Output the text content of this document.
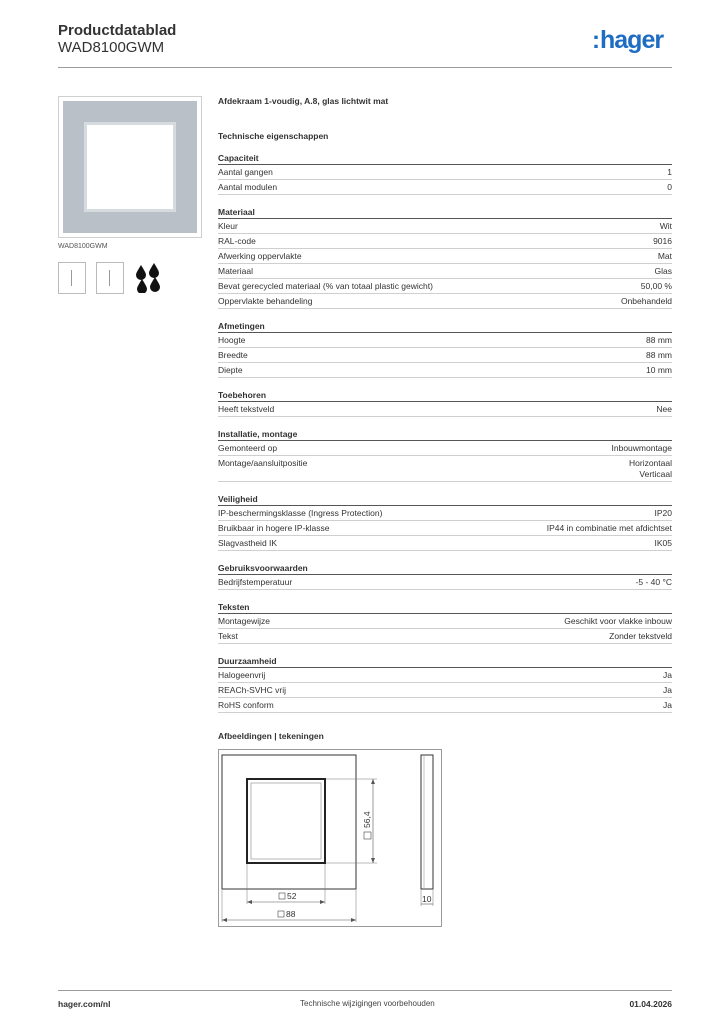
Productdatablad
WAD8100GWM	:hager
WAD8100GWM
Afdekraam 1-voudig, A.8, glas lichtwit mat
Technische eigenschappen
Capaciteit
Aantal gangen	1
Aantal modulen	0
Materiaal
Kleur	Wit
RAL-code	9016
Afwerking oppervlakte	Mat
Materiaal	Glas
Bevat gerecycled materiaal (% van totaal plastic gewicht)	50,00 %
Oppervlakte behandeling	Onbehandeld
Afmetingen
Hoogte	88 mm
Breedte	88 mm
Diepte	10 mm
Toebehoren
Heeft tekstveld	Nee
Installatie, montage
Gemonteerd op	Inbouwmontage
Montage/aansluitpositie	Horizontaal
Verticaal
Veiligheid
IP-beschermingsklasse (Ingress Protection)	IP20
Bruikbaar in hogere IP-klasse	IP44 in combinatie met afdichtset
Slagvastheid IK	IK05
Gebruiksvoorwaarden
Bedrijfstemperatuur	-5 - 40 °C
Teksten
Montagewijze	Geschikt voor vlakke inbouw
Tekst	Zonder tekstveld
Duurzaamheid
Halogeenvrij	Ja
REACh-SVHC vrij	Ja
RoHS conform	Ja
Afbeeldingen | tekeningen
56,4
52
88
10
hager.com/nl	Technische wijzigingen voorbehouden	01.04.2026
